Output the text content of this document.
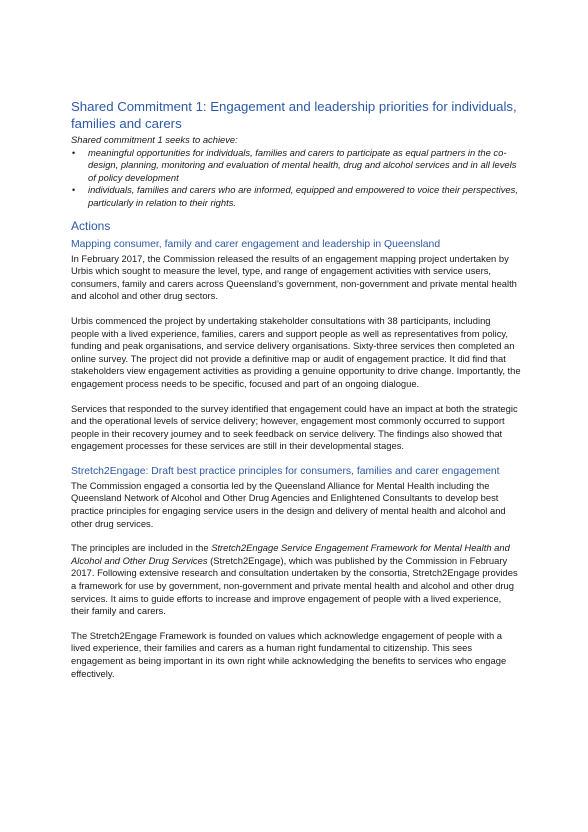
Shared Commitment 1: Engagement and leadership priorities for individuals, families and carers

Shared commitment 1 seeks to achieve:

• meaningful opportunities for individuals, families and carers to participate as equal partners in the co-design, planning, monitoring and evaluation of mental health, drug and alcohol services and in all levels of policy development
• individuals, families and carers who are informed, equipped and empowered to voice their perspectives, particularly in relation to their rights.
Actions
Mapping consumer, family and carer engagement and leadership in Queensland

In February 2017, the Commission released the results of an engagement mapping project undertaken by Urbis which sought to measure the level, type, and range of engagement activities with service users, consumers, family and carers across Queensland’s government, non-government and private mental health and alcohol and other drug sectors.

Urbis commenced the project by undertaking stakeholder consultations with 38 participants, including people with a lived experience, families, carers and support people as well as representatives from policy, funding and peak organisations, and service delivery organisations. Sixty-three services then completed an online survey. The project did not provide a definitive map or audit of engagement practice. It did find that stakeholders view engagement activities as providing a genuine opportunity to drive change. Importantly, the engagement process needs to be specific, focused and part of an ongoing dialogue.

Services that responded to the survey identified that engagement could have an impact at both the strategic and the operational levels of service delivery; however, engagement most commonly occurred to support people in their recovery journey and to seek feedback on service delivery. The findings also showed that engagement processes for these services are still in their developmental stages.

Stretch2Engage: Draft best practice principles for consumers, families and carer engagement

The Commission engaged a consortia led by the Queensland Alliance for Mental Health including the Queensland Network of Alcohol and Other Drug Agencies and Enlightened Consultants to develop best practice principles for engaging service users in the design and delivery of mental health and alcohol and other drug services.

The principles are included in the Stretch2Engage Service Engagement Framework for Mental Health and Alcohol and Other Drug Services (Stretch2Engage), which was published by the Commission in February 2017. Following extensive research and consultation undertaken by the consortia, Stretch2Engage provides a framework for use by government, non-government and private mental health and alcohol and other drug services. It aims to guide efforts to increase and improve engagement of people with a lived experience, their family and carers.

The Stretch2Engage Framework is founded on values which acknowledge engagement of people with a lived experience, their families and carers as a human right fundamental to citizenship. This sees engagement as being important in its own right while acknowledging the benefits to services who engage effectively.
